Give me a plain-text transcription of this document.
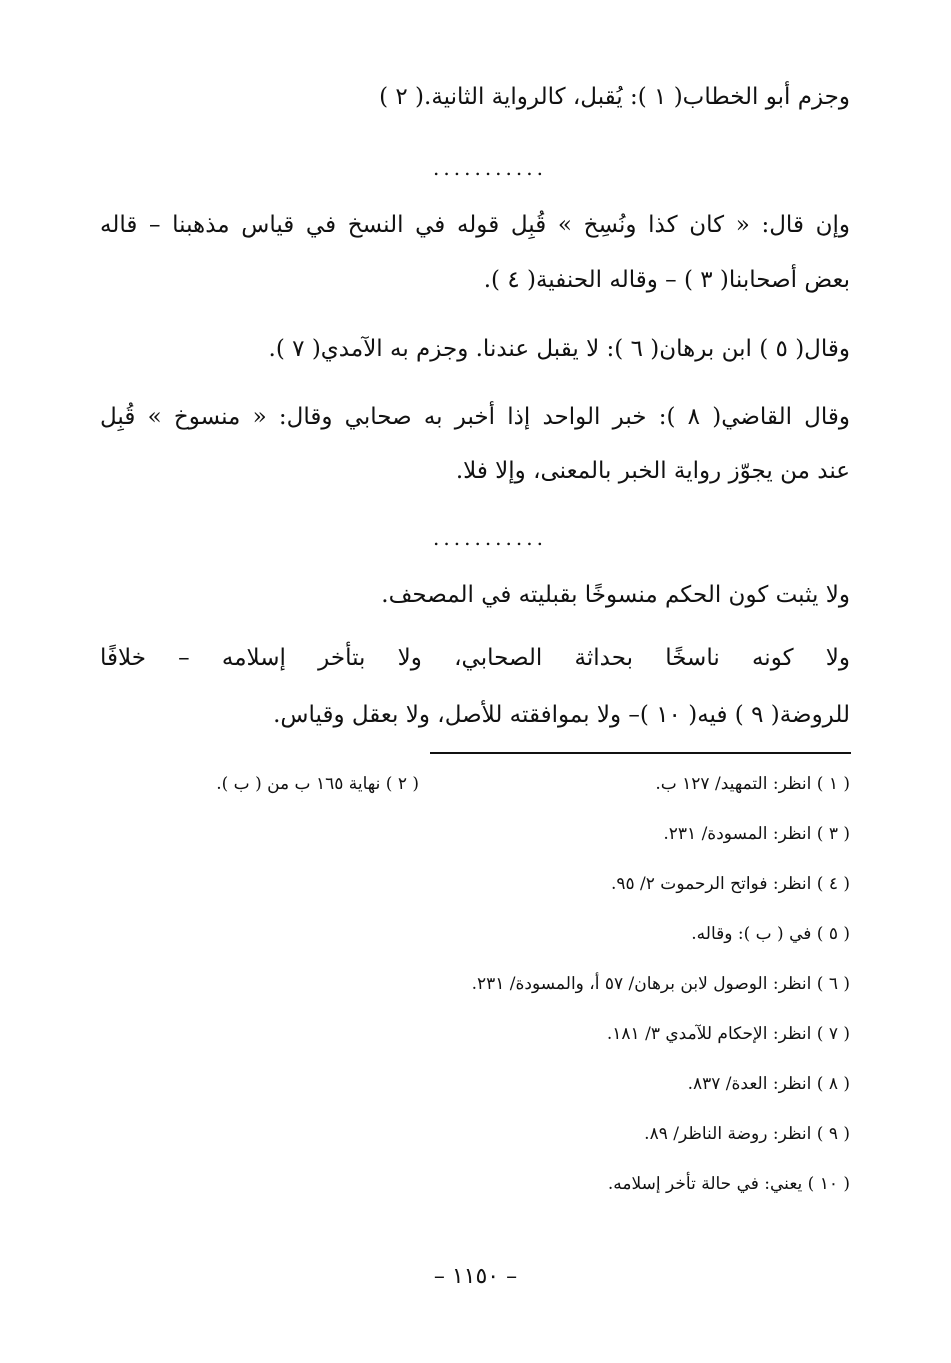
وجزم أبو الخطاب( ١ ): يُقبل، كالرواية الثانية.( ٢ )
...........
وإن قال: « كان كذا ونُسِخ » قُبِل قوله في النسخ في قياس مذهبنا – قاله
بعض أصحابنا( ٣ ) – وقاله الحنفية( ٤ ).
وقال( ٥ ) ابن برهان( ٦ ): لا يقبل عندنا. وجزم به الآمدي( ٧ ).
وقال القاضي( ٨ ): خبر الواحد إذا أخبر به صحابي وقال: « منسوخ » قُبِل
عند من يجوّز رواية الخبر بالمعنى، وإلا فلا.
...........
ولا يثبت كون الحكم منسوخًا بقبليته في المصحف.
ولا كونه ناسخًا بحداثة الصحابي، ولا بتأخر إسلامه – خلافًا
للروضة( ٩ ) فيه( ١٠ )– ولا بموافقته للأصل، ولا بعقل وقياس.
( ١ ) انظر: التمهيد/ ١٢٧ ب.
( ٢ ) نهاية ١٦٥ ب من ( ب ).
( ٣ ) انظر: المسودة/ ٢٣١.
( ٤ ) انظر: فواتح الرحموت ٢/ ٩٥.
( ٥ ) في ( ب ): وقاله.
( ٦ ) انظر: الوصول لابن برهان/ ٥٧ أ، والمسودة/ ٢٣١.
( ٧ ) انظر: الإحكام للآمدي ٣/ ١٨١.
( ٨ ) انظر: العدة/ ٨٣٧.
( ٩ ) انظر: روضة الناظر/ ٨٩.
( ١٠ ) يعني: في حالة تأخر إسلامه.
– ١١٥٠ –
